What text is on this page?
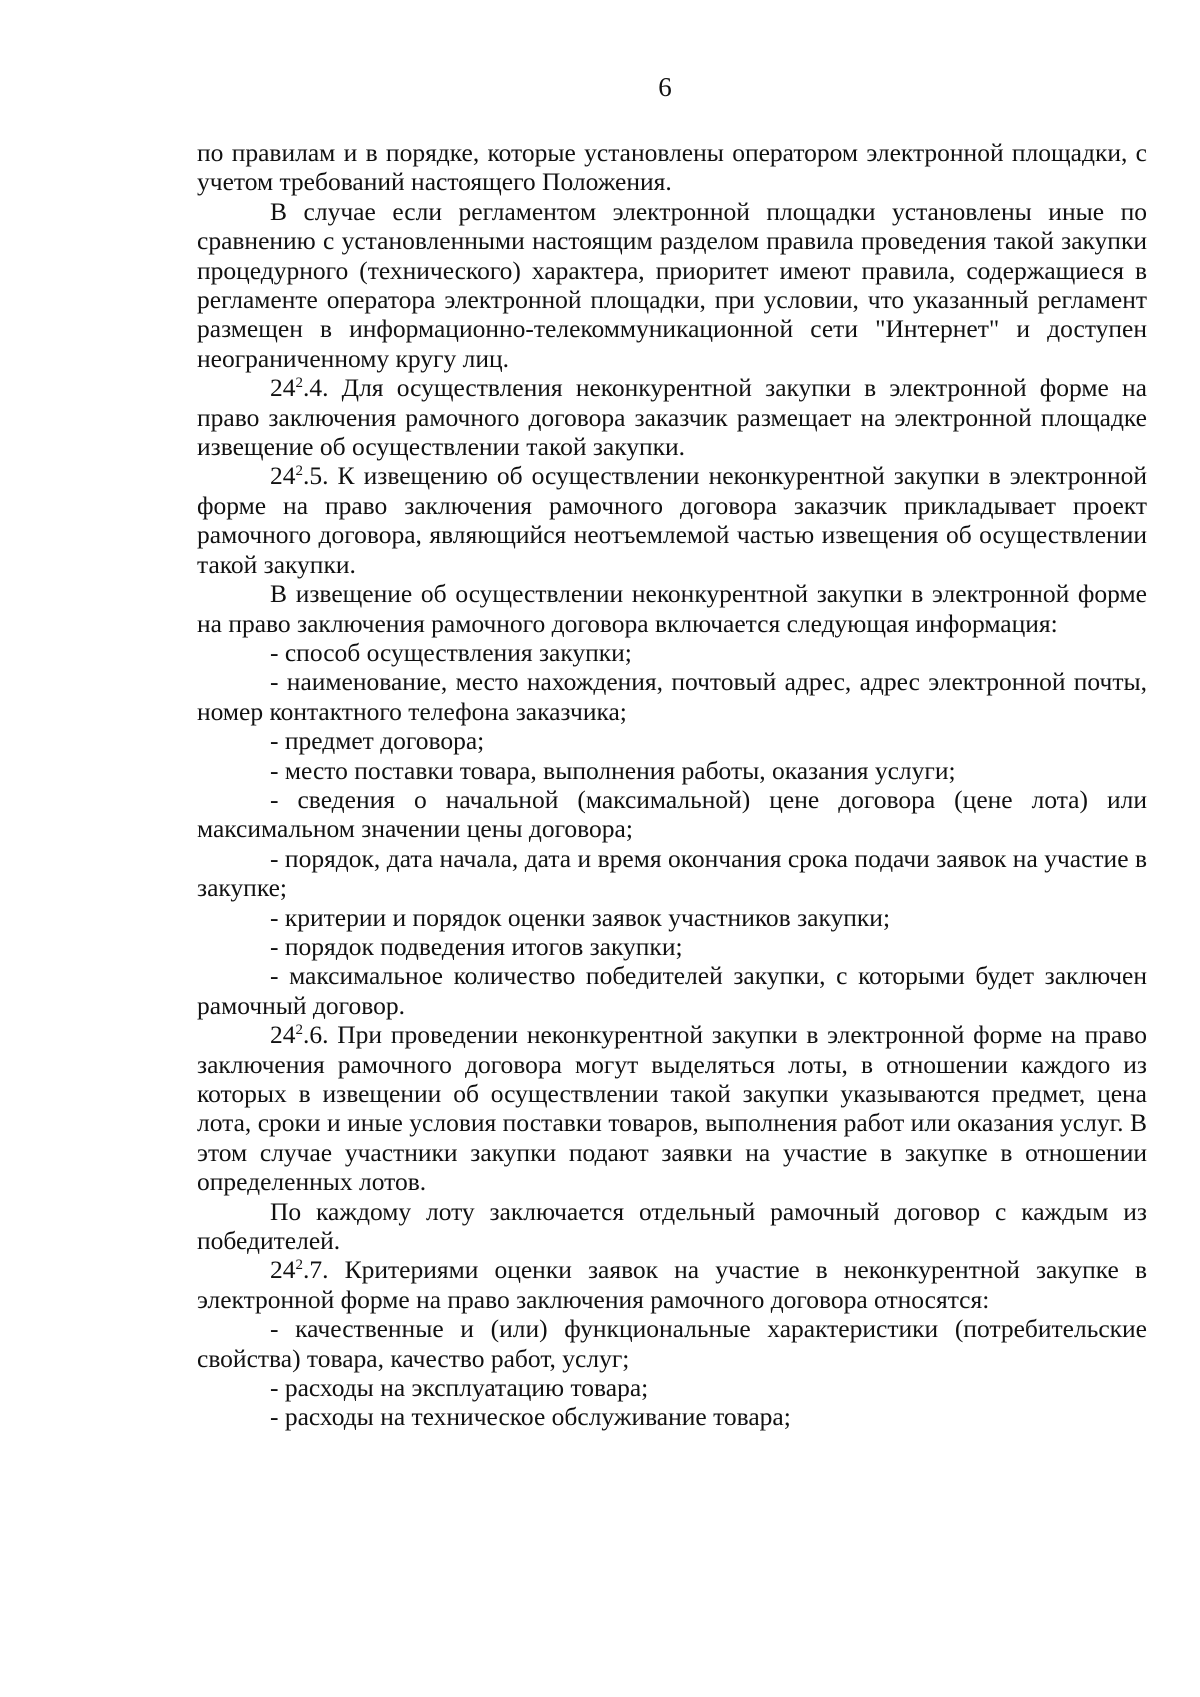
6

по правилам и в порядке, которые установлены оператором электронной площадки, с учетом требований настоящего Положения.

В случае если регламентом электронной площадки установлены иные по сравнению с установленными настоящим разделом правила проведения такой закупки процедурного (технического) характера, приоритет имеют правила, содержащиеся в регламенте оператора электронной площадки, при условии, что указанный регламент размещен в информационно-телекоммуникационной сети "Интернет" и доступен неограниченному кругу лиц.

$24^2.4$. Для осуществления неконкурентной закупки в электронной форме на право заключения рамочного договора заказчик размещает на электронной площадке извещение об осуществлении такой закупки.

$24^2.5$. К извещению об осуществлении неконкурентной закупки в электронной форме на право заключения рамочного договора заказчик прикладывает проект рамочного договора, являющийся неотъемлемой частью извещения об осуществлении такой закупки.

В извещение об осуществлении неконкурентной закупки в электронной форме на право заключения рамочного договора включается следующая информация:

- способ осуществления закупки;

- наименование, место нахождения, почтовый адрес, адрес электронной почты, номер контактного телефона заказчика;

- предмет договора;

- место поставки товара, выполнения работы, оказания услуги;

- сведения о начальной (максимальной) цене договора (цене лота) или максимальном значении цены договора;

- порядок, дата начала, дата и время окончания срока подачи заявок на участие в закупке;

- критерии и порядок оценки заявок участников закупки;

- порядок подведения итогов закупки;

- максимальное количество победителей закупки, с которыми будет заключен рамочный договор.

$24^2.6$. При проведении неконкурентной закупки в электронной форме на право заключения рамочного договора могут выделяться лоты, в отношении каждого из которых в извещении об осуществлении такой закупки указываются предмет, цена лота, сроки и иные условия поставки товаров, выполнения работ или оказания услуг. В этом случае участники закупки подают заявки на участие в закупке в отношении определенных лотов.

По каждому лоту заключается отдельный рамочный договор с каждым из победителей.

$24^2.7$. Критериями оценки заявок на участие в неконкурентной закупке в электронной форме на право заключения рамочного договора относятся:

- качественные и (или) функциональные характеристики (потребительские свойства) товара, качество работ, услуг;

- расходы на эксплуатацию товара;

- расходы на техническое обслуживание товара;
